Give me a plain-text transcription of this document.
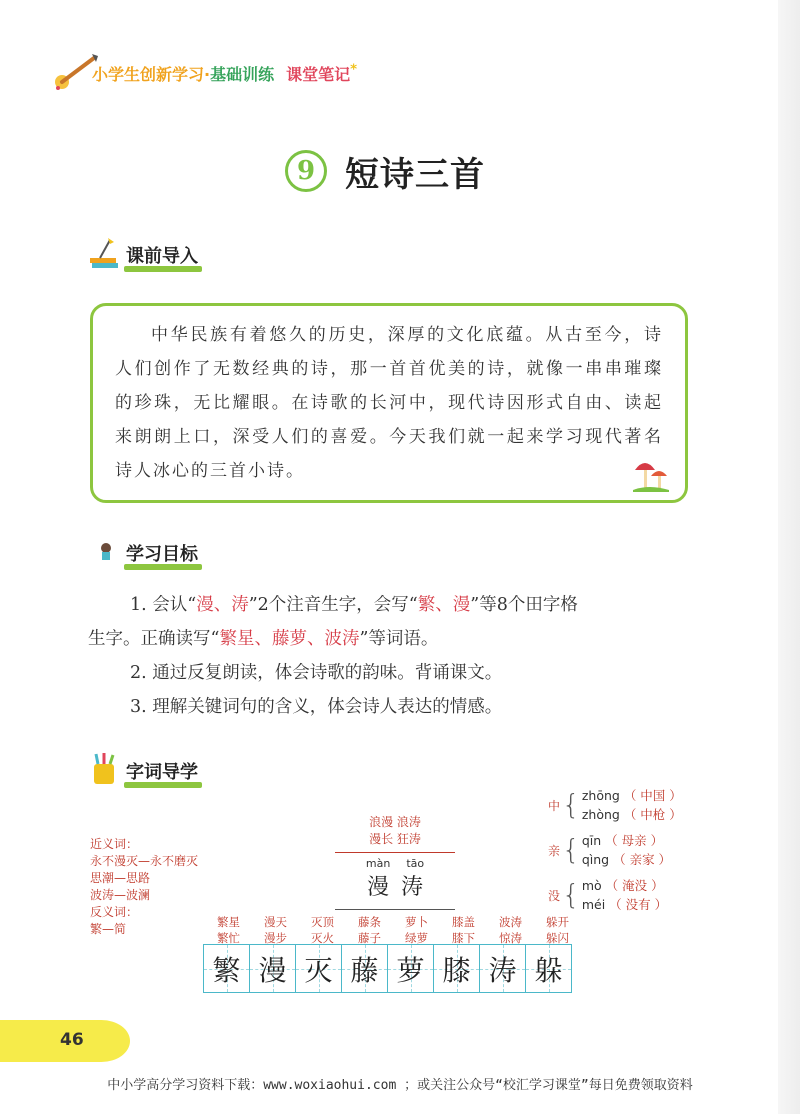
小学生创新学习·基础训练 课堂笔记*
9 短诗三首
课前导入
中华民族有着悠久的历史，深厚的文化底蕴。从古至今，诗人们创作了无数经典的诗，那一首首优美的诗，就像一串串璀璨的珍珠，无比耀眼。在诗歌的长河中，现代诗因形式自由、读起来朗朗上口，深受人们的喜爱。今天我们就一起来学习现代著名诗人冰心的三首小诗。
学习目标
1. 会认“漫、涛”2个注音生字，会写“繁、漫”等8个田字格
生字。正确读写“繁星、藤萝、波涛”等词语。
2. 通过反复朗读，体会诗歌的韵味。背诵课文。
3. 理解关键词句的含义，体会诗人表达的情感。
字词导学
近义词：
永不漫灭—永不磨灭
思潮—思路
波涛—波澜
反义词：
繁—简
浪漫 浪涛
漫长 狂涛
màn tāo
漫 涛
中 { zhōng （ 中国 ）
zhòng （ 中枪 ）
亲 { qīn （ 母亲 ）
qìng （ 亲家 ）
没 { mò （ 淹没 ）
méi （ 没有 ）
繁星
繁忙
漫天
漫步
灭顶
灭火
藤条
藤子
萝卜
绿萝
膝盖
膝下
波涛
惊涛
躲开
躲闪
繁 漫 灭 藤 萝 膝 涛 躲
46
中小学高分学习资料下载：www.woxiaohui.com ；或关注公众号“校汇学习课堂”每日免费领取资料
